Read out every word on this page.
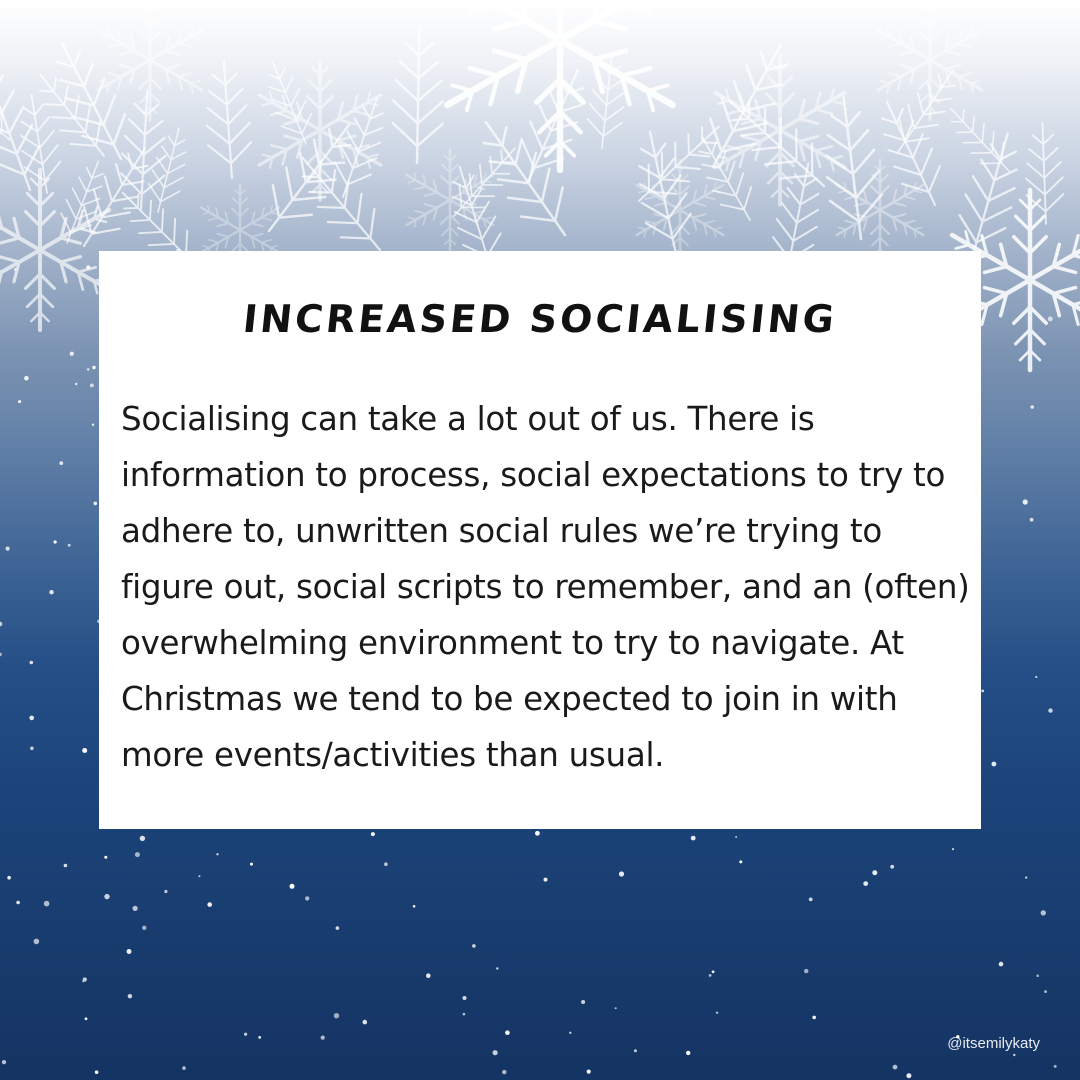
INCREASED SOCIALISING
Socialising can take a lot out of us. There is information to process, social expectations to try to adhere to, unwritten social rules we’re trying to figure out, social scripts to remember, and an (often) overwhelming environment to try to navigate. At Christmas we tend to be expected to join in with more events/activities than usual.
@itsemilykaty
